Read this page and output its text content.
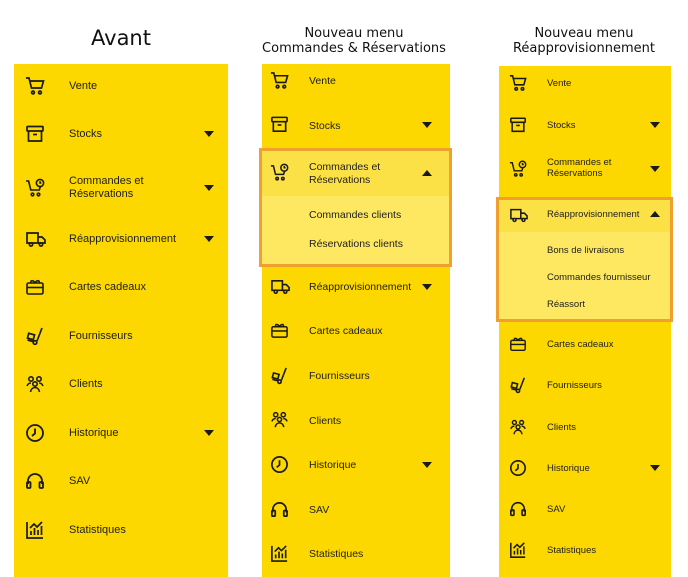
Avant	Nouveau menu
Commandes & Réservations
Nouveau menu
Réapprovisionnement
Vente
Stocks
Commandes et
Réservations
Réapprovisionnement
Cartes cadeaux
Fournisseurs
Clients
Historique
SAV
Statistiques
Vente
Stocks
Commandes et
Réservations
Commandes clients
Réservations clients
Réapprovisionnement
Cartes cadeaux
Fournisseurs
Clients
Historique
SAV
Statistiques
Vente
Stocks
Commandes et
Réservations
Réapprovisionnement
Bons de livraisons
Commandes fournisseur
Réassort
Cartes cadeaux
Fournisseurs
Clients
Historique
SAV
Statistiques
